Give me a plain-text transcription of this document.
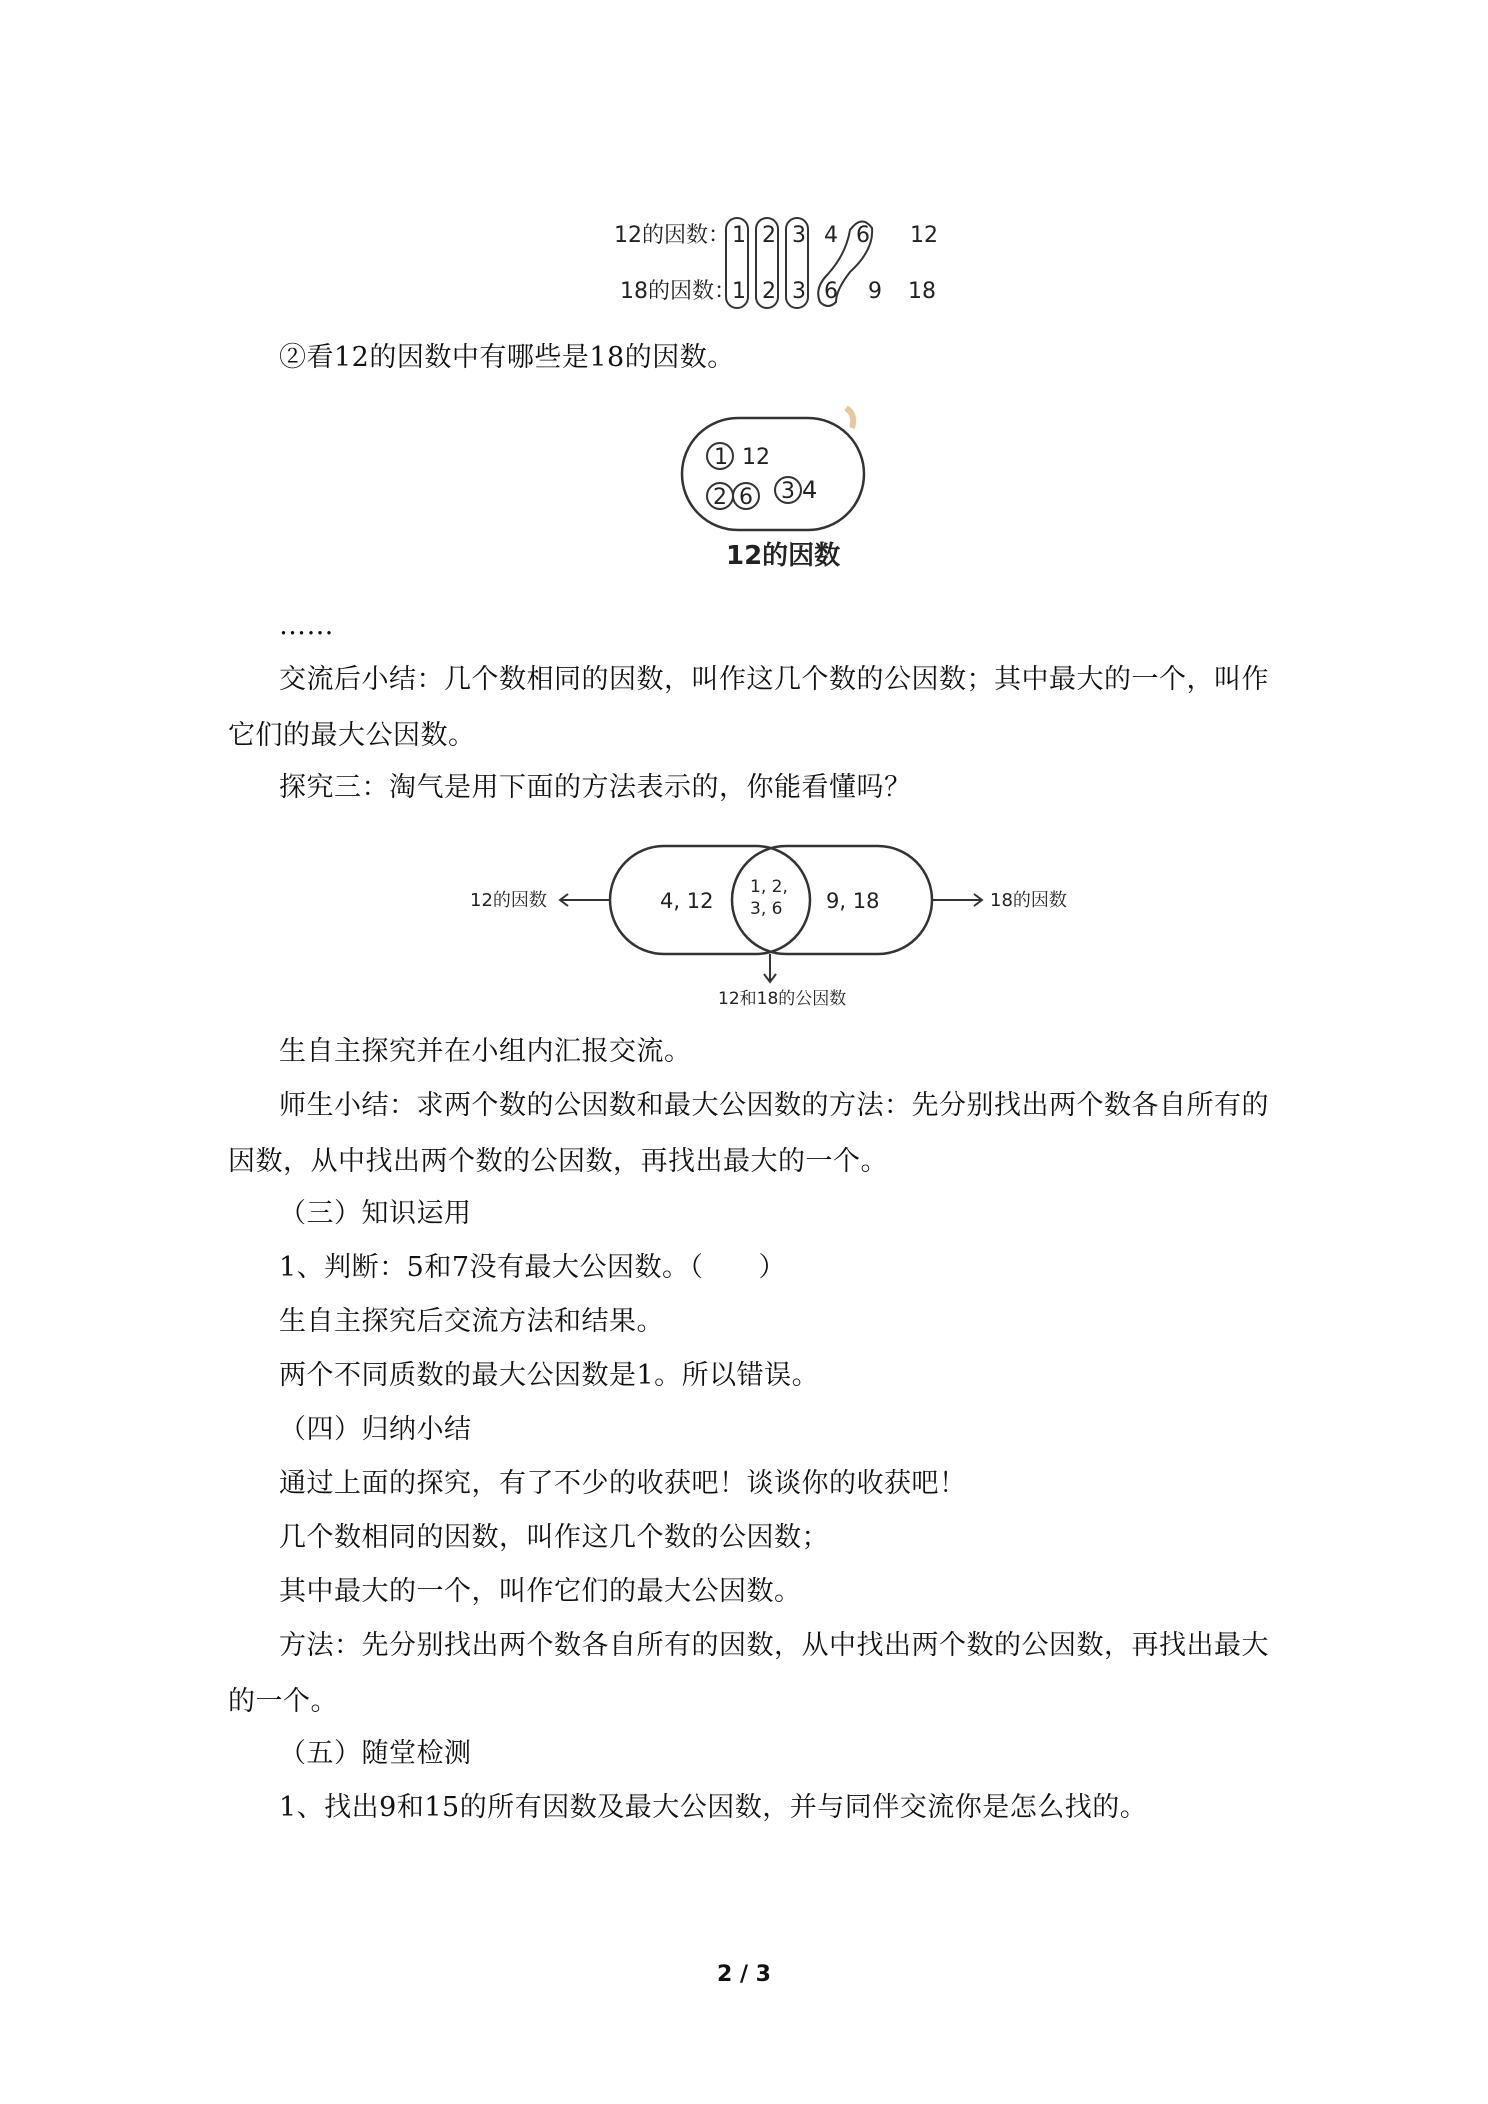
12的因数： 1 2 3 4 6 12
18的因数：
1 2 3 6 9 18

②看12的因数中有哪些是18的因数。

1 12
2 6 3 4
12的因数

……

交流后小结：几个数相同的因数，叫作这几个数的公因数；其中最大的一个，叫作它们的最大公因数。

探究三：淘气是用下面的方法表示的，你能看懂吗？

12的因数	4, 12
1, 2,
3, 6 9, 18	18的因数
12和18的公因数

生自主探究并在小组内汇报交流。

师生小结：求两个数的公因数和最大公因数的方法：先分别找出两个数各自所有的因数，从中找出两个数的公因数，再找出最大的一个。

（三）知识运用

1、判断：5和7没有最大公因数。（　　）

生自主探究后交流方法和结果。

两个不同质数的最大公因数是1。所以错误。

（四）归纳小结

通过上面的探究，有了不少的收获吧！谈谈你的收获吧！

几个数相同的因数，叫作这几个数的公因数；

其中最大的一个，叫作它们的最大公因数。

方法：先分别找出两个数各自所有的因数，从中找出两个数的公因数，再找出最大的一个。

（五）随堂检测

1、找出9和15的所有因数及最大公因数，并与同伴交流你是怎么找的。

2 / 3
